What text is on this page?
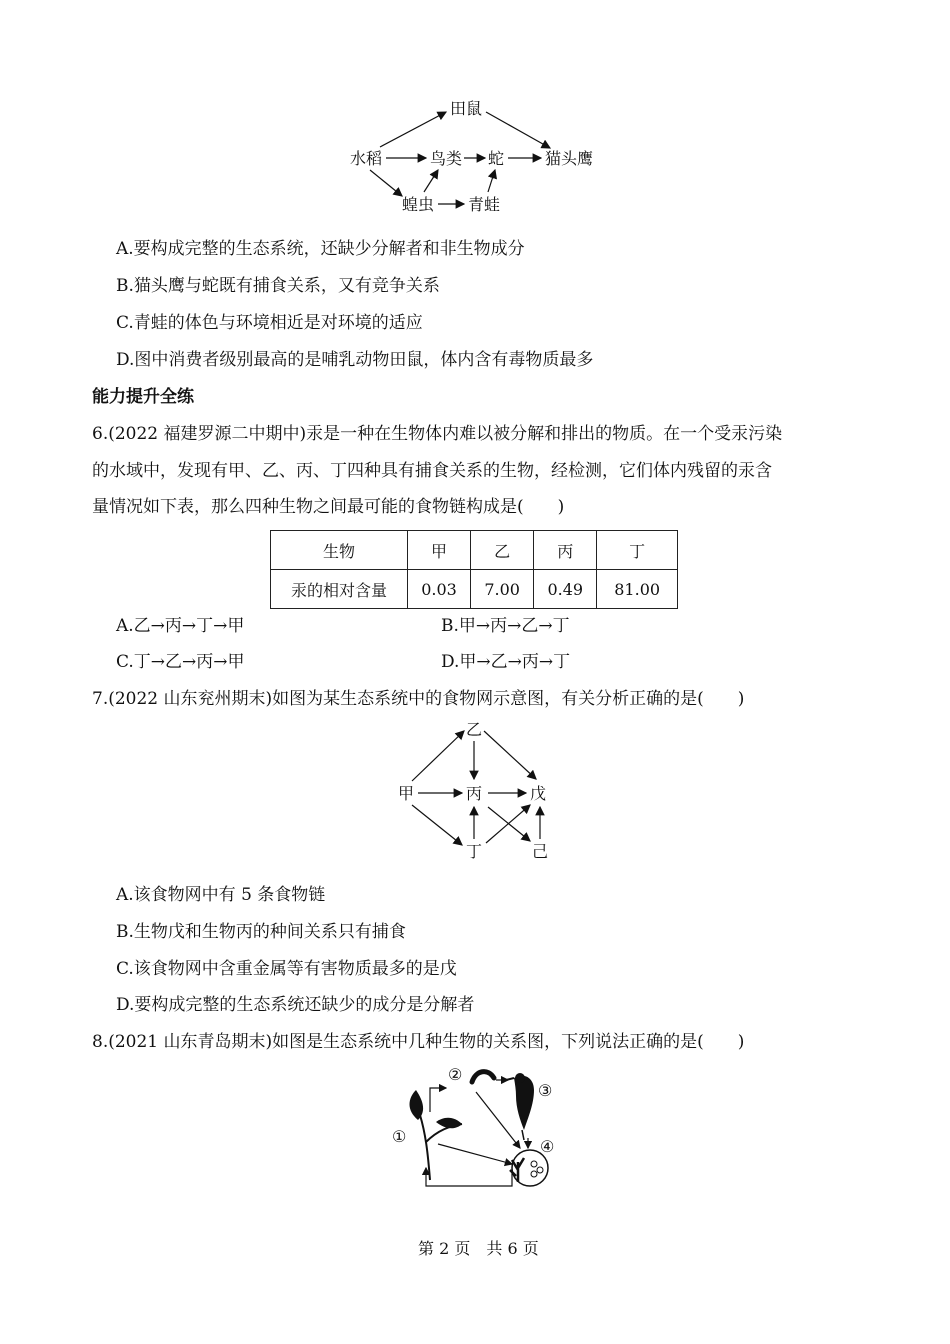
田鼠
水稻	鸟类 蛇	猫头鹰
蝗虫 青蛙
A.要构成完整的生态系统，还缺少分解者和非生物成分
B.猫头鹰与蛇既有捕食关系，又有竞争关系
C.青蛙的体色与环境相近是对环境的适应
D.图中消费者级别最高的是哺乳动物田鼠，体内含有毒物质最多
能力提升全练
6.(2022 福建罗源二中期中)汞是一种在生物体内难以被分解和排出的物质。在一个受汞污染
的水域中，发现有甲、乙、丙、丁四种具有捕食关系的生物，经检测，它们体内残留的汞含
量情况如下表，那么四种生物之间最可能的食物链构成是(　　)
生物	甲	乙	丙	丁
汞的相对含量	0.03	7.00	0.49	81.00
A.乙→丙→丁→甲	B.甲→丙→乙→丁
C.丁→乙→丙→甲	D.甲→乙→丙→丁
7.(2022 山东兖州期末)如图为某生态系统中的食物网示意图，有关分析正确的是(　　)
乙
甲	丙	戊
丁	己
A.该食物网中有 5 条食物链
B.生物戊和生物丙的种间关系只有捕食
C.该食物网中含重金属等有害物质最多的是戊
D.要构成完整的生态系统还缺少的成分是分解者
8.(2021 山东青岛期末)如图是生态系统中几种生物的关系图，下列说法正确的是(　　)
①
②
③
④
第 2 页　共 6 页
